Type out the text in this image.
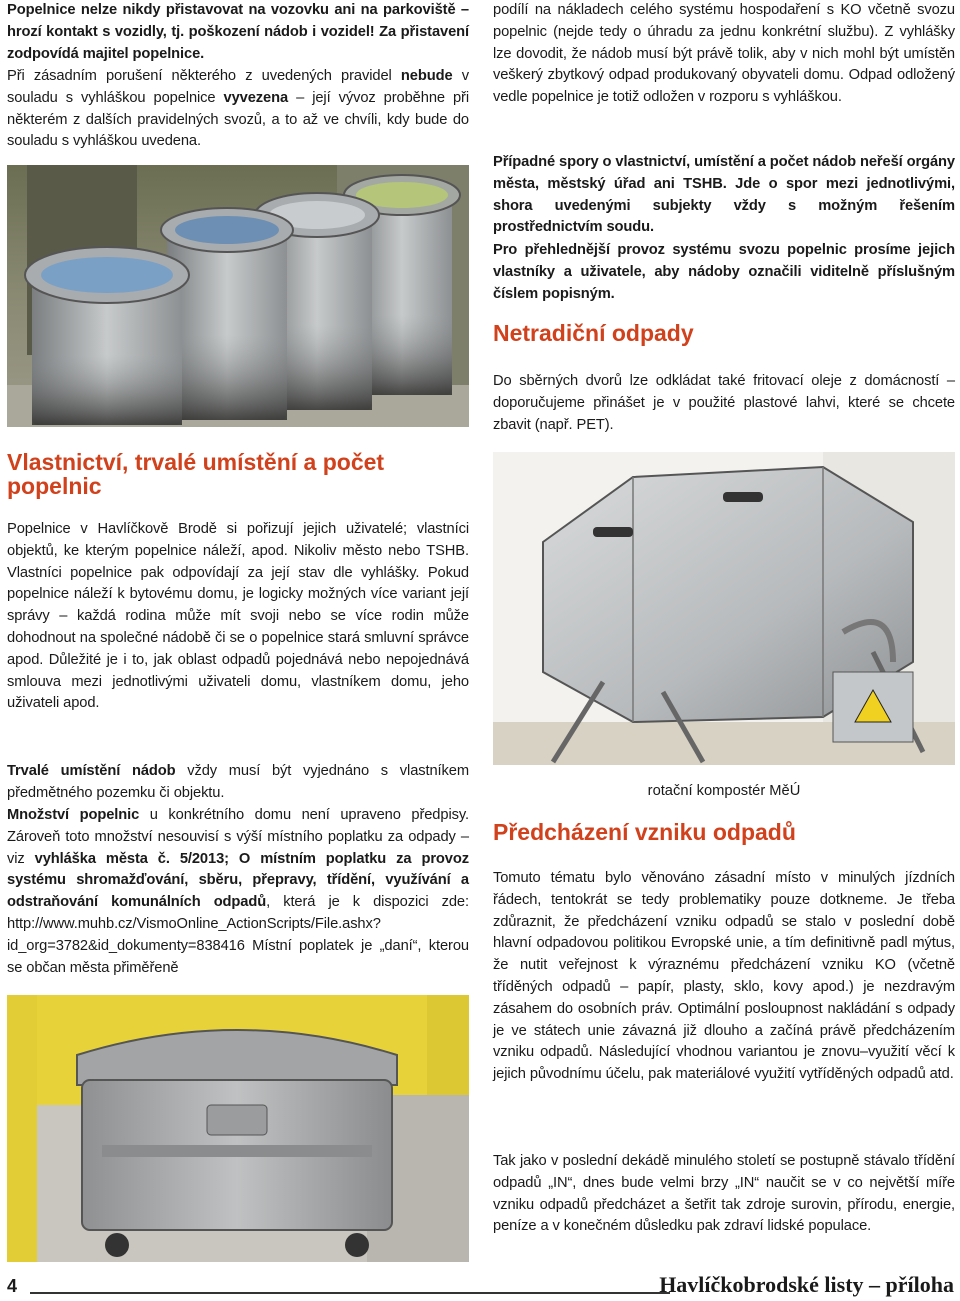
Popelnice nelze nikdy přistavovat na vozovku ani na parkoviště – hrozí kontakt s vozidly, tj. poškození nádob i vozidel! Za přistavení zodpovídá majitel popelnice.

Při zásadním porušení některého z uvedených pravidel nebude v souladu s vyhláškou popelnice vyvezena – její vývoz proběhne při některém z dalších pravidelných svozů, a to až ve chvíli, kdy bude do souladu s vyhláškou uvedena.

Vlastnictví, trvalé umístění a počet popelnic

Popelnice v Havlíčkově Brodě si pořizují jejich uživatelé; vlastníci objektů, ke kterým popelnice náleží, apod. Nikoliv město nebo TSHB. Vlastníci popelnice pak odpovídají za její stav dle vyhlášky. Pokud popelnice náleží k bytovému domu, je logicky možných více variant její správy – každá rodina může mít svoji nebo se více rodin může dohodnout na společné nádobě či se o popelnice stará smluvní správce apod. Důležité je i to, jak oblast odpadů pojednává nebo nepojednává smlouva mezi jednotlivými uživateli domu, vlastníkem domu, jeho uživateli apod.

Trvalé umístění nádob vždy musí být vyjednáno s vlastníkem předmětného pozemku či objektu.

Množství popelnic u konkrétního domu není upraveno předpisy. Zároveň toto množství nesouvisí s výší místního poplatku za odpady – viz vyhláška města č. 5/2013; O místním poplatku za provoz systému shromažďování, sběru, přepravy, třídění, využívání a odstraňování komunálních odpadů, která je k dispozici zde: http://www.muhb.cz/VismoOnline_ActionScripts/File.ashx?id_org=3782&id_dokumenty=838416 Místní poplatek je „daní“, kterou se občan města přiměřeně

podílí na nákladech celého systému hospodaření s KO včetně svozu popelnic (nejde tedy o úhradu za jednu konkrétní službu). Z vyhlášky lze dovodit, že nádob musí být právě tolik, aby v nich mohl být umístěn veškerý zbytkový odpad produkovaný obyvateli domu. Odpad odložený vedle popelnice je totiž odložen v rozporu s vyhláškou.

Případné spory o vlastnictví, umístění a počet nádob neřeší orgány města, městský úřad ani TSHB. Jde o spor mezi jednotlivými, shora uvedenými subjekty vždy s možným řešením prostřednictvím soudu.

Pro přehlednější provoz systému svozu popelnic prosíme jejich vlastníky a uživatele, aby nádoby označili viditelně příslušným číslem popisným.

Netradiční odpady

Do sběrných dvorů lze odkládat také fritovací oleje z domácností – doporučujeme přinášet je v použité plastové lahvi, které se chcete zbavit (např. PET).

rotační kompostér MěÚ
Předcházení vzniku odpadů

Tomuto tématu bylo věnováno zásadní místo v minulých jízdních řádech, tentokrát se tedy problematiky pouze dotkneme. Je třeba zdůraznit, že předcházení vzniku odpadů se stalo v poslední době hlavní odpadovou politikou Evropské unie, a tím definitivně padl mýtus, že nutit veřejnost k výraznému předcházení vzniku KO (včetně tříděných odpadů – papír, plasty, sklo, kovy apod.) je nezdravým zásahem do osobních práv. Optimální posloupnost nakládání s odpady je ve státech unie závazná již dlouho a začíná právě předcházením vzniku odpadů. Následující vhodnou variantou je znovu–využití věcí k jejich původnímu účelu, pak materiálové využití vytříděných odpadů atd.

Tak jako v poslední dekádě minulého století se postupně stávalo třídění odpadů „IN“, dnes bude velmi brzy „IN“ naučit se v co největší míře vzniku odpadů předcházet a šetřit tak zdroje surovin, přírodu, energie, peníze a v konečném důsledku pak zdraví lidské populace.

4	Havlíčkobrodské listy – příloha
